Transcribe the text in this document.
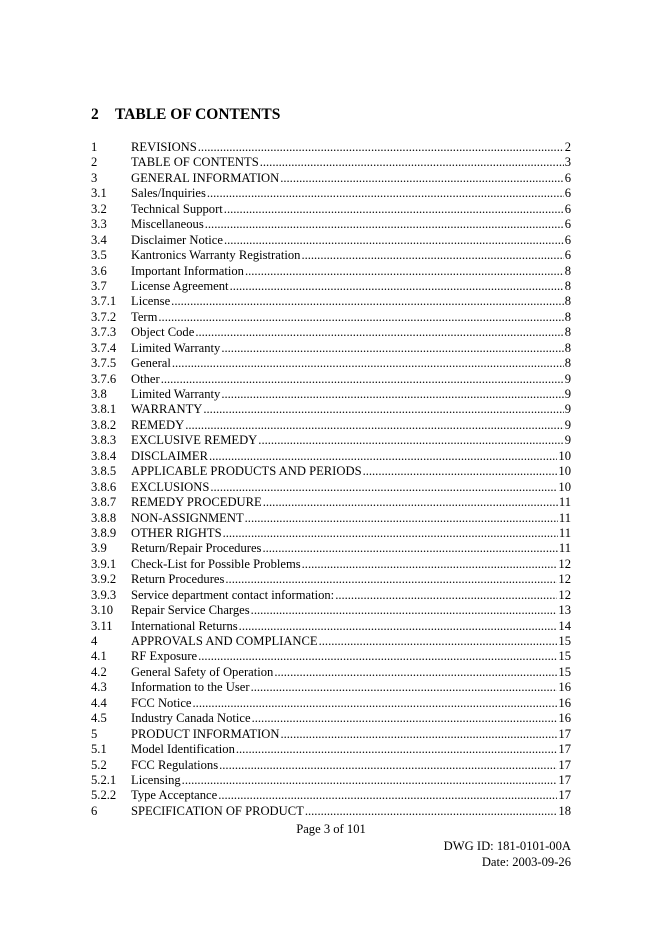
2 TABLE OF CONTENTS
1	REVISIONS .....	2
2	TABLE OF CONTENTS .....	3
3	GENERAL INFORMATION .....	6
3.1	Sales/Inquiries .....	6
3.2	Technical Support .....	6
3.3	Miscellaneous .....	6
3.4	Disclaimer Notice .....	6
3.5	Kantronics Warranty Registration .....	6
3.6	Important Information .....	8
3.7	License Agreement .....	8
3.7.1	License .....	8
3.7.2	Term .....	8
3.7.3	Object Code .....	8
3.7.4	Limited Warranty .....	8
3.7.5	General .....	8
3.7.6	Other .....	9
3.8	Limited Warranty .....	9
3.8.1	WARRANTY .....	9
3.8.2	REMEDY .....	9
3.8.3	EXCLUSIVE REMEDY .....	9
3.8.4	DISCLAIMER .....	10
3.8.5	APPLICABLE PRODUCTS AND PERIODS .....	10
3.8.6	EXCLUSIONS .....	10
3.8.7	REMEDY PROCEDURE .....	11
3.8.8	NON-ASSIGNMENT .....	11
3.8.9	OTHER RIGHTS .....	11
3.9	Return/Repair Procedures .....	11
3.9.1	Check-List for Possible Problems .....	12
3.9.2	Return Procedures .....	12
3.9.3	Service department contact information: .....	12
3.10	Repair Service Charges .....	13
3.11	International Returns .....	14
4	APPROVALS AND COMPLIANCE .....	15
4.1	RF Exposure .....	15
4.2	General Safety of Operation .....	15
4.3	Information to the User .....	16
4.4	FCC Notice .....	16
4.5	Industry Canada Notice .....	16
5	PRODUCT INFORMATION .....	17
5.1	Model Identification .....	17
5.2	FCC Regulations .....	17
5.2.1	Licensing .....	17
5.2.2	Type Acceptance .....	17
6	SPECIFICATION OF PRODUCT .....	18
Page 3 of 101
DWG ID: 181-0101-00A
Date: 2003-09-26
